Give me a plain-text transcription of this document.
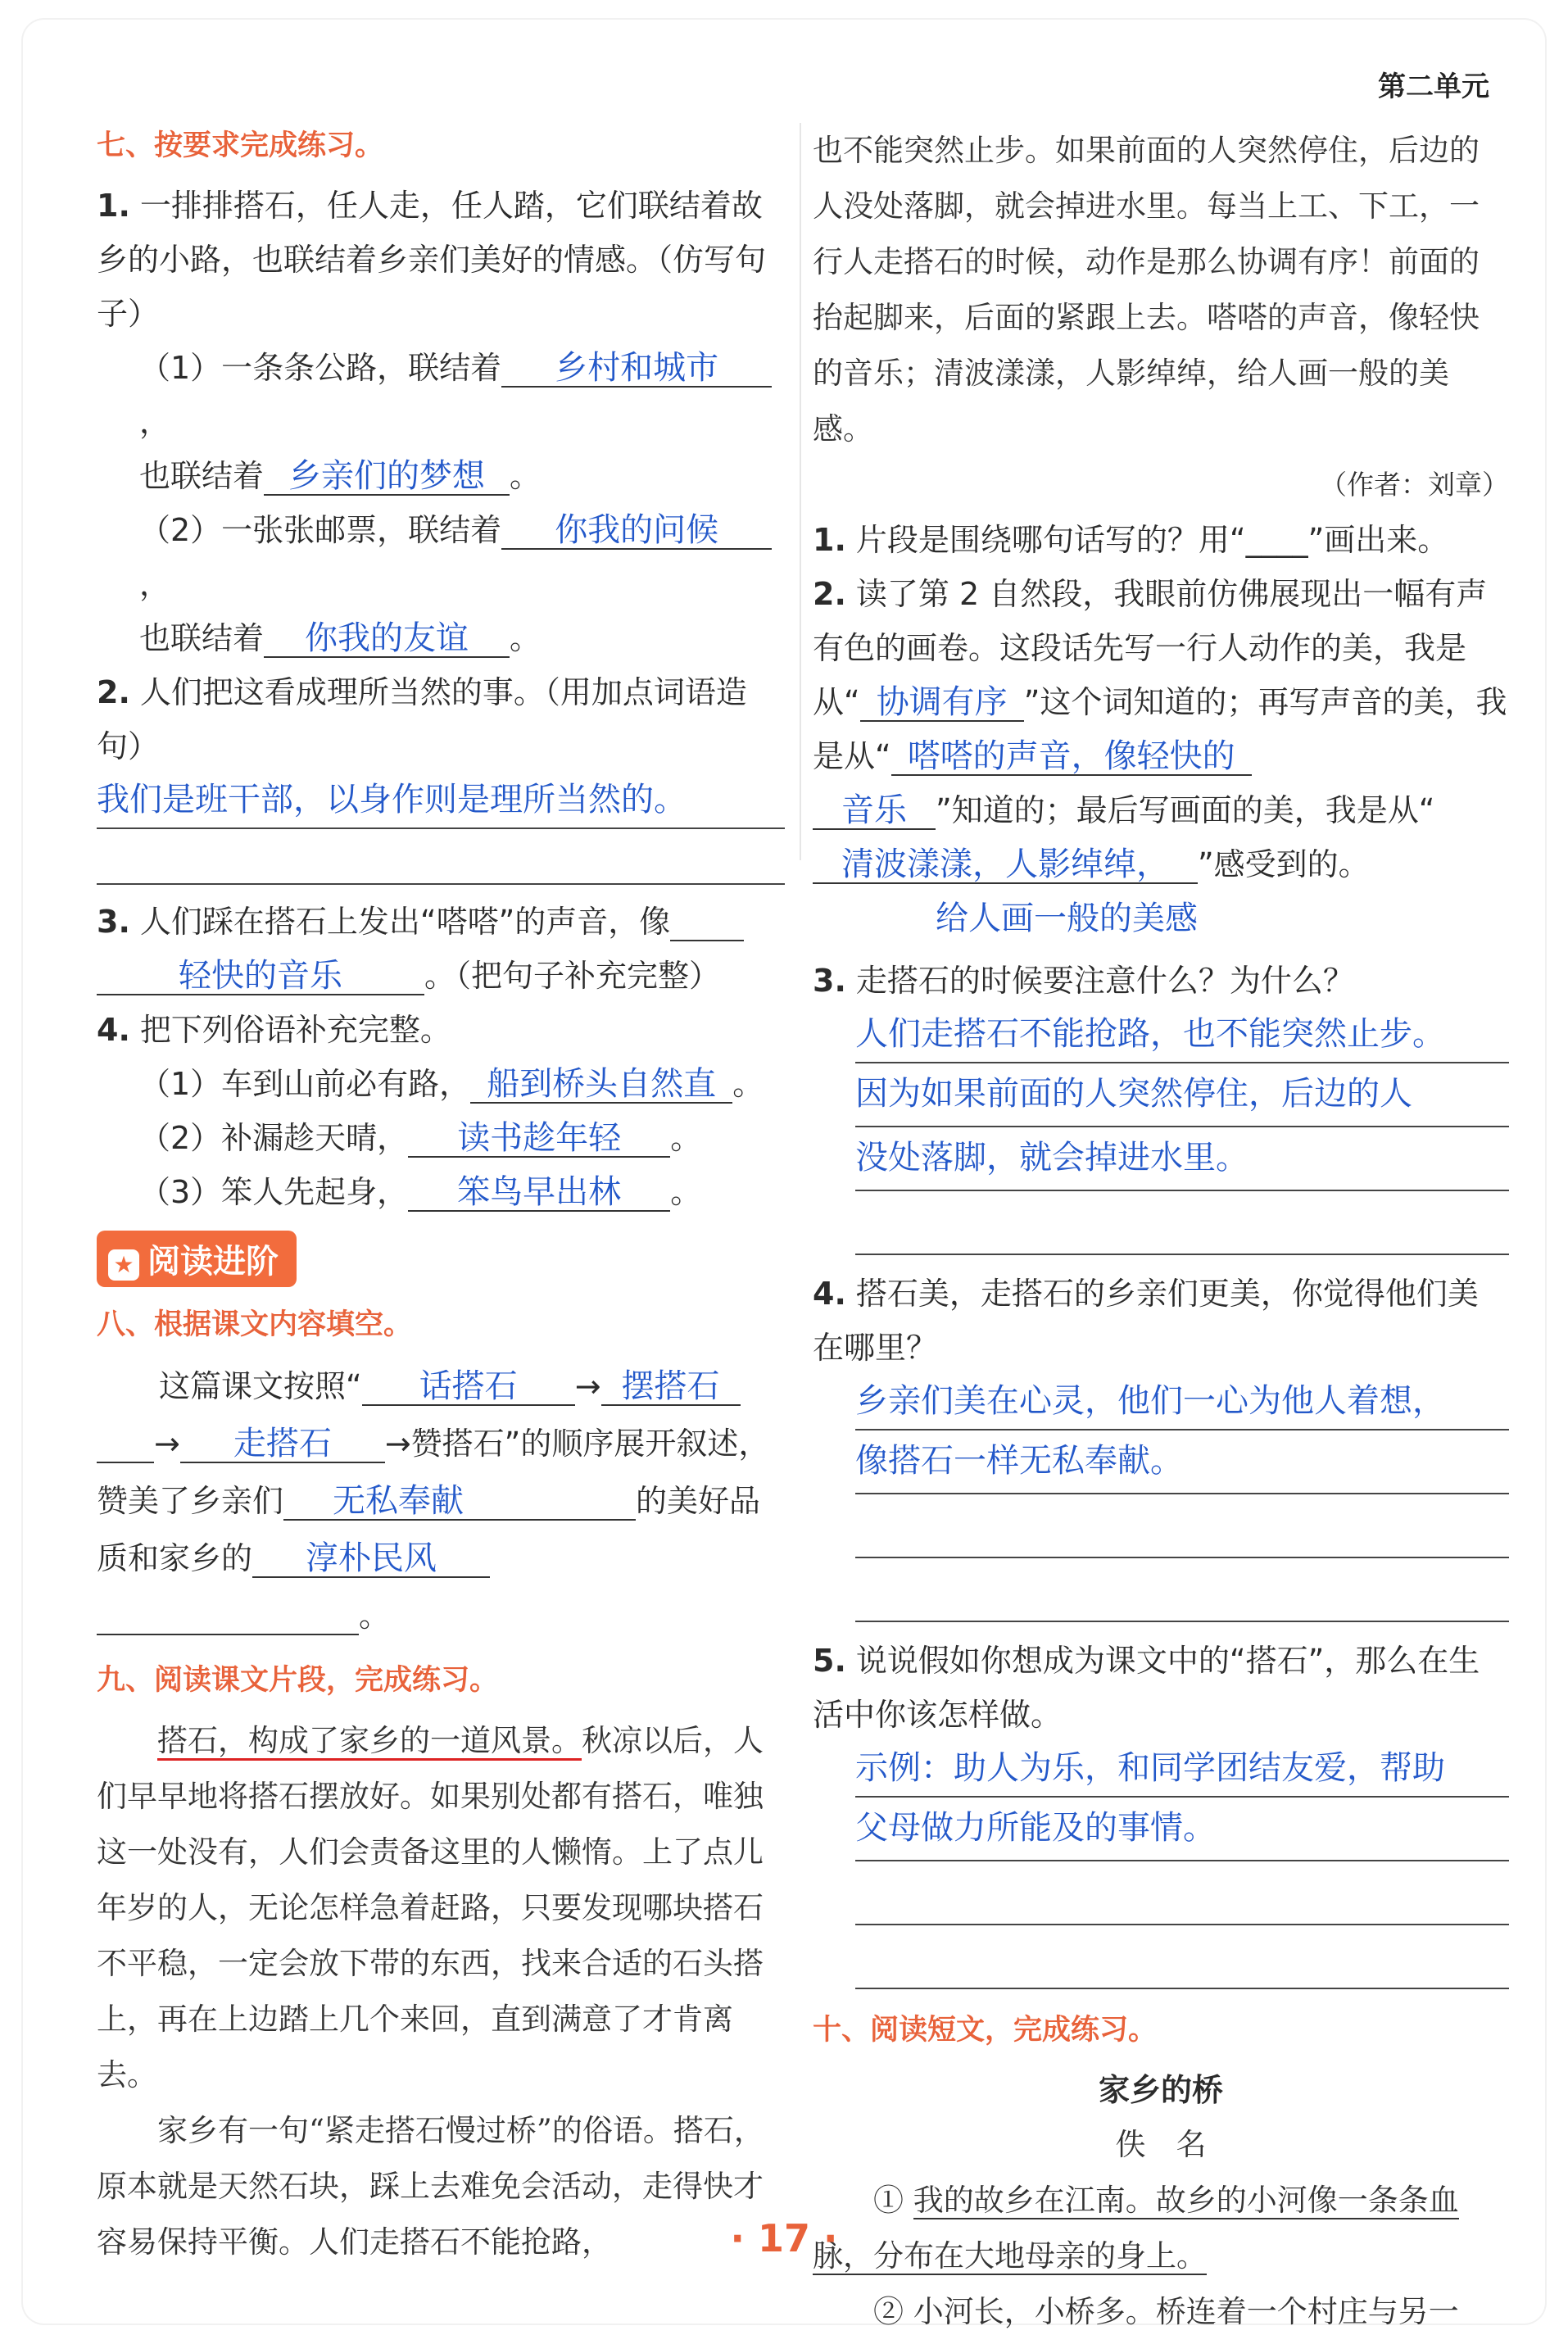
第二单元
七、按要求完成练习。
1. 一排排搭石，任人走，任人踏，它们联结着故乡的小路，也联结着乡亲们美好的情感。（仿写句子）
（1）一条条公路，联结着 乡村和城市，
也联结着 乡亲们的梦想 。
（2）一张张邮票，联结着 你我的问候，
也联结着 你我的友谊 。
2. 人们把这看成理所当然的事。（用加点词语造句）
我们是班干部，以身作则是理所当然的。
3. 人们踩在搭石上发出“嗒嗒”的声音，像
轻快的音乐	。（把句子补充完整）
4. 把下列俗语补充完整。
（1）车到山前必有路， 船到桥头自然直 。
（2）补漏趁天晴， 读书趁年轻 。
（3）笨人先起身， 笨鸟早出林 。
★ 阅读进阶
八、根据课文内容填空。
这篇课文按照“ 话搭石 → 摆搭石
→ 走搭石 →赞搭石”的顺序展开叙述，赞美了乡亲们 无私奉献	的美好品质和家乡的 淳朴民风
。
九、阅读课文片段，完成练习。
搭石，构成了家乡的一道风景。秋凉以后，人们早早地将搭石摆放好。如果别处都有搭石，唯独这一处没有，人们会责备这里的人懒惰。上了点儿年岁的人，无论怎样急着赶路，只要发现哪块搭石不平稳，一定会放下带的东西，找来合适的石头搭上，再在上边踏上几个来回，直到满意了才肯离去。
家乡有一句“紧走搭石慢过桥”的俗语。搭石，原本就是天然石块，踩上去难免会活动，走得快才容易保持平衡。人们走搭石不能抢路，
也不能突然止步。如果前面的人突然停住，后边的人没处落脚，就会掉进水里。每当上工、下工，一行人走搭石的时候，动作是那么协调有序！前面的抬起脚来，后面的紧跟上去。嗒嗒的声音，像轻快的音乐；清波漾漾，人影绰绰，给人画一般的美感。
（作者：刘章）
1. 片段是围绕哪句话写的？用“____”画出来。
2. 读了第 2 自然段，我眼前仿佛展现出一幅有声有色的画卷。这段话先写一行人动作的美，我是从“ 协调有序 ”这个词知道的；再写声音的美，我是从“ 嗒嗒的声音，像轻快的
音乐 ”知道的；最后写画面的美，我是从“清波漾漾，人影绰绰， ”感受到的。
给人画一般的美感
3. 走搭石的时候要注意什么？为什么？
人们走搭石不能抢路，也不能突然止步。
因为如果前面的人突然停住，后边的人
没处落脚，就会掉进水里。
4. 搭石美，走搭石的乡亲们更美，你觉得他们美在哪里？
乡亲们美在心灵，他们一心为他人着想，
像搭石一样无私奉献。
5. 说说假如你想成为课文中的“搭石”，那么在生活中你该怎样做。
示例：助人为乐，和同学团结友爱，帮助
父母做力所能及的事情。
十、阅读短文，完成练习。
家乡的桥
佚　名
① 我的故乡在江南。故乡的小河像一条条血脉，分布在大地母亲的身上。
② 小河长，小桥多。桥连着一个村庄与另一
· 17 ·
